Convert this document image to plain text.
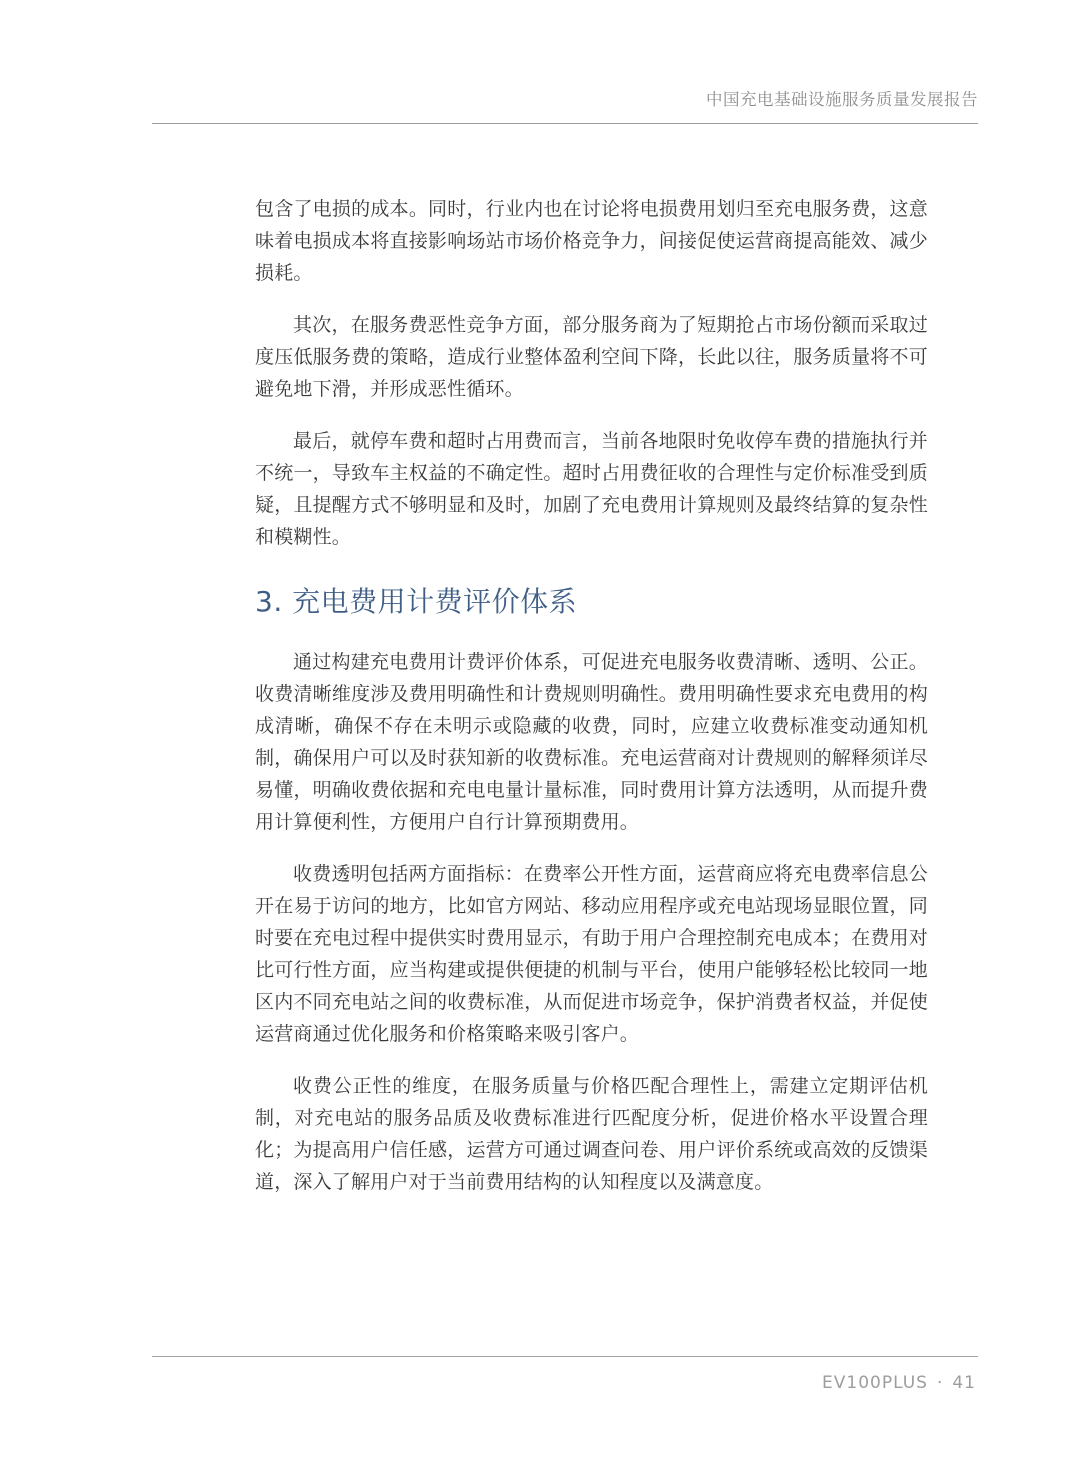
中国充电基础设施服务质量发展报告

包含了电损的成本。同时，行业内也在讨论将电损费用划归至充电服务费，这意味着电损成本将直接影响场站市场价格竞争力，间接促使运营商提高能效、减少损耗。

其次，在服务费恶性竞争方面，部分服务商为了短期抢占市场份额而采取过度压低服务费的策略，造成行业整体盈利空间下降，长此以往，服务质量将不可避免地下滑，并形成恶性循环。

最后，就停车费和超时占用费而言，当前各地限时免收停车费的措施执行并不统一，导致车主权益的不确定性。超时占用费征收的合理性与定价标准受到质疑，且提醒方式不够明显和及时，加剧了充电费用计算规则及最终结算的复杂性和模糊性。

3. 充电费用计费评价体系

通过构建充电费用计费评价体系，可促进充电服务收费清晰、透明、公正。收费清晰维度涉及费用明确性和计费规则明确性。费用明确性要求充电费用的构成清晰，确保不存在未明示或隐藏的收费，同时，应建立收费标准变动通知机制，确保用户可以及时获知新的收费标准。充电运营商对计费规则的解释须详尽易懂，明确收费依据和充电电量计量标准，同时费用计算方法透明，从而提升费用计算便利性，方便用户自行计算预期费用。

收费透明包括两方面指标：在费率公开性方面，运营商应将充电费率信息公开在易于访问的地方，比如官方网站、移动应用程序或充电站现场显眼位置，同时要在充电过程中提供实时费用显示，有助于用户合理控制充电成本；在费用对比可行性方面，应当构建或提供便捷的机制与平台，使用户能够轻松比较同一地区内不同充电站之间的收费标准，从而促进市场竞争，保护消费者权益，并促使运营商通过优化服务和价格策略来吸引客户。

收费公正性的维度，在服务质量与价格匹配合理性上，需建立定期评估机制，对充电站的服务品质及收费标准进行匹配度分析，促进价格水平设置合理化；为提高用户信任感，运营方可通过调查问卷、用户评价系统或高效的反馈渠道，深入了解用户对于当前费用结构的认知程度以及满意度。

EV100PLUS · 41
